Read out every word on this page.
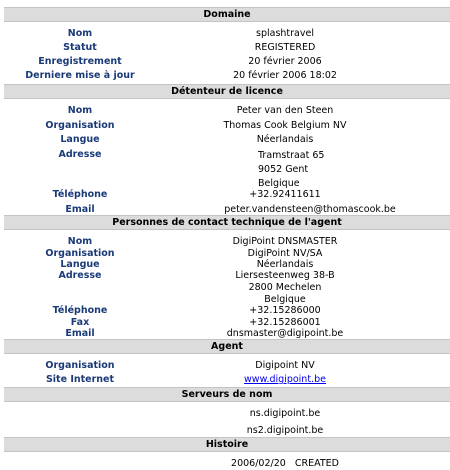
Domaine
Nom	splashtravel
Statut	REGISTERED
Enregistrement	20 février 2006
Derniere mise à jour	20 février 2006 18:02
Détenteur de licence
Nom	Peter van den Steen
Organisation	Thomas Cook Belgium NV
Langue	Néerlandais
Adresse	Tramstraat 65
9052 Gent
Belgique
Téléphone	+32.92411611
Email	peter.vandensteen@thomascook.be
Personnes de contact technique de l'agent
Nom	DigiPoint DNSMASTER
Organisation	DigiPoint NV/SA
Langue	Néerlandais
Adresse	Liersesteenweg 38-B
2800 Mechelen
Belgique
Téléphone	+32.15286000
Fax	+32.15286001
Email	dnsmaster@digipoint.be
Agent
Organisation	Digipoint NV
Site Internet	www.digipoint.be
Serveurs de nom
ns.digipoint.be
ns2.digipoint.be
Histoire
2006/02/20   CREATED
